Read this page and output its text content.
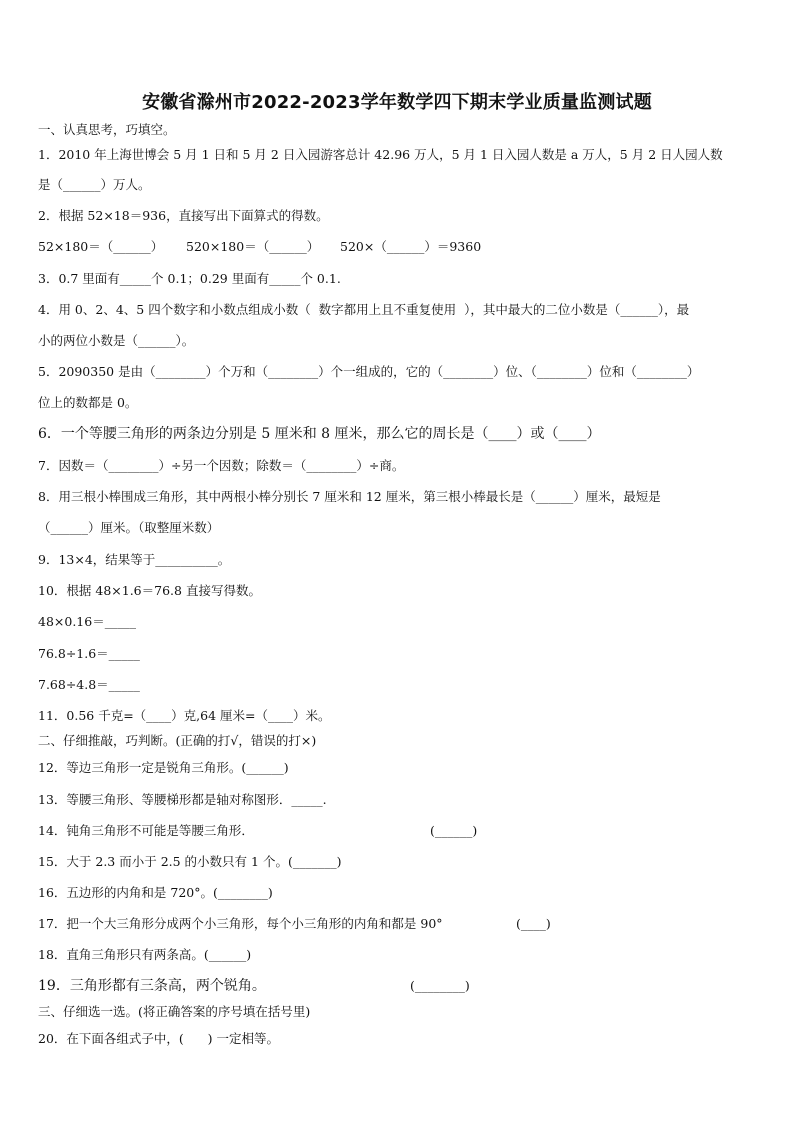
安徽省滁州市2022-2023学年数学四下期末学业质量监测试题
一、认真思考，巧填空。
1．2010 年上海世博会 5 月 1 日和 5 月 2 日入园游客总计 42.96 万人，5 月 1 日入园人数是 a 万人，5 月 2 日人园人数
是（______）万人。
2．根据 52×18＝936，直接写出下面算式的得数。
52×180＝（______） 520×180＝（______） 520×（______）＝9360
3．0.7 里面有_____个 0.1；0.29 里面有_____个 0.1.
4．用 0、2、4、5 四个数字和小数点组成小数（  数字都用上且不重复使用  ），其中最大的二位小数是（______），最
小的两位小数是（______）。
5．2090350 是由（________）个万和（________）个一组成的，它的（________）位、（________）位和（________）
位上的数都是 0。
6．一个等腰三角形的两条边分别是 5 厘米和 8 厘米，那么它的周长是（____）或（____）
7．因数＝（________）÷另一个因数；除数＝（________）÷商。
8．用三根小棒围成三角形，其中两根小棒分别长 7 厘米和 12 厘米，第三根小棒最长是（______）厘米，最短是
（______）厘米。（取整厘米数）
9．13×4，结果等于__________。
10．根据 48×1.6＝76.8 直接写得数。
48×0.16＝_____
76.8÷1.6＝_____
7.68÷4.8＝_____
11．0.56 千克=（____）克,64 厘米=（____）米。
二、仔细推敲，巧判断。(正确的打√，错误的打×)
12．等边三角形一定是锐角三角形。(______)
13．等腰三角形、等腰梯形都是轴对称图形．_____.
14．钝角三角形不可能是等腰三角形．	(______)
15．大于 2.3 而小于 2.5 的小数只有 1 个。(_______)
16．五边形的内角和是 720°。(________)
17．把一个大三角形分成两个小三角形，每个小三角形的内角和都是 90°	(____)
18．直角三角形只有两条高。(______)
19．三角形都有三条高，两个锐角。	(________)
三、仔细选一选。(将正确答案的序号填在括号里)
20．在下面各组式子中，(      ) 一定相等。
